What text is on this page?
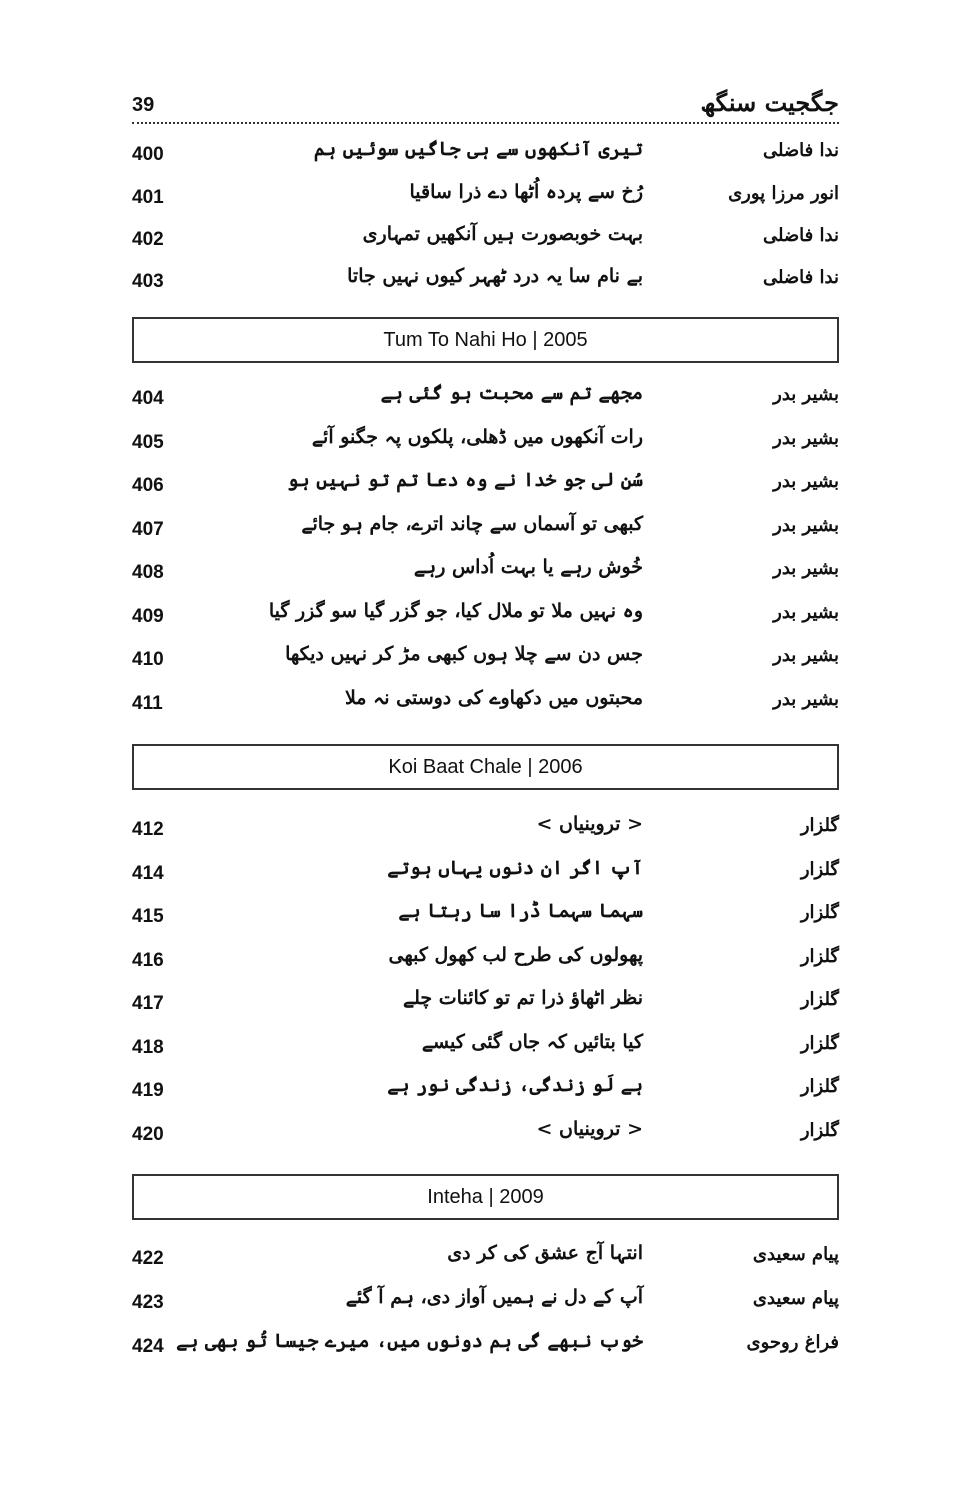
39	جگجیت سنگھ
400	تیری آنکھوں سے ہی جاگیں سوئیں ہم	ندا فاضلی
401	رُخ سے پردہ اُٹھا دے ذرا ساقیا	انور مرزا پوری
402	بہت خوبصورت ہیں آنکھیں تمہاری	ندا فاضلی
403	بے نام سا یہ درد ٹھہر کیوں نہیں جاتا	ندا فاضلی
Tum To Nahi Ho | 2005
404	مجھے تم سے محبت ہو گئی ہے	بشیر بدر
405	رات آنکھوں میں ڈھلی، پلکوں پہ جگنو آئے	بشیر بدر
406	سُن لی جو خدا نے وہ دعا تم تو نہیں ہو	بشیر بدر
407	کبھی تو آسماں سے چاند اترے، جام ہو جائے	بشیر بدر
408	خُوش رہے یا بہت اُداس رہے	بشیر بدر
409	وہ نہیں ملا تو ملال کیا، جو گزر گیا سو گزر گیا	بشیر بدر
410	جس دن سے چلا ہوں کبھی مڑ کر نہیں دیکھا	بشیر بدر
411	محبتوں میں دکھاوے کی دوستی نہ ملا	بشیر بدر
Koi Baat Chale | 2006
412	< تروینیاں >	گلزار
414	آپ اگر ان دنوں یہاں ہوتے	گلزار
415	سہما سہما ڈرا سا رہتا ہے	گلزار
416	پھولوں کی طرح لب کھول کبھی	گلزار
417	نظر اٹھاؤ ذرا تم تو کائنات چلے	گلزار
418	کیا بتائیں کہ جاں گئی کیسے	گلزار
419	ہے لَو زندگی، زندگی نور ہے	گلزار
420	< تروینیاں >	گلزار
Inteha | 2009
422	انتہا آج عشق کی کر دی	پیام سعیدی
423	آپ کے دل نے ہمیں آواز دی، ہم آ گئے	پیام سعیدی
424 خوب نبھے گی ہم دونوں میں، میرے جیسا تُو بھی ہے	فراغ روحوی
